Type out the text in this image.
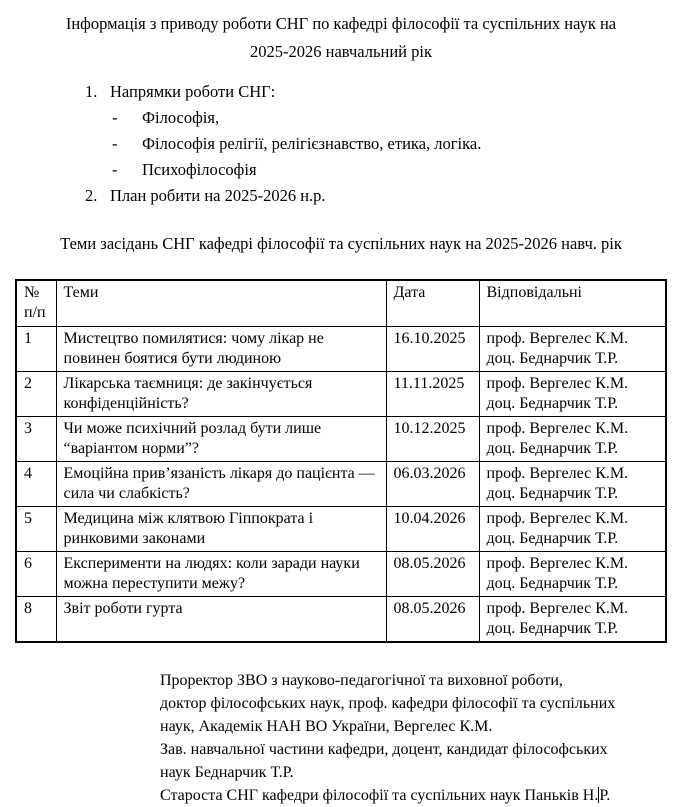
Інформація з приводу роботи СНГ по кафедрі філософії та суспільних наук на
2025-2026 навчальний рік
1. Напрямки роботи СНГ:
-	Філософія,
-	Філософія релігії, релігієзнавство, етика, логіка.
-	Психофілософія
2. План робити на 2025-2026 н.р.
Теми засідань СНГ кафедрі філософії та суспільних наук на 2025-2026 навч. рік
№ п/п	Теми	Дата	Відповідальні
1	Мистецтво помилятися: чому лікар не повинен боятися бути людиною	16.10.2025	проф. Вергелес К.М.
доц. Беднарчик Т.Р.

2	Лікарська таємниця: де закінчується конфіденційність?	11.11.2025	проф. Вергелес К.М.
доц. Беднарчик Т.Р.

3	Чи може психічний розлад бути лише “варіантом норми”?	10.12.2025	проф. Вергелес К.М.
доц. Беднарчик Т.Р.

4	Емоційна прив’язаність лікаря до пацієнта — сила чи слабкість?	06.03.2026	проф. Вергелес К.М.
доц. Беднарчик Т.Р.

5	Медицина між клятвою Гіппократа і ринковими законами	10.04.2026	проф. Вергелес К.М.
доц. Беднарчик Т.Р.

6	Експерименти на людях: коли заради науки можна переступити межу?	08.05.2026	проф. Вергелес К.М.
доц. Беднарчик Т.Р.

8	Звіт роботи гурта	08.05.2026	проф. Вергелес К.М.
доц. Беднарчик Т.Р.
Проректор ЗВО з науково-педагогічної та виховної роботи,
доктор філософських наук, проф. кафедри філософії та суспільних
наук, Академік НАН ВО України, Вергелес К.М.
Зав. навчальної частини кафедри, доцент, кандидат філософських
наук Беднарчик Т.Р.
Староста СНГ кафедри філософії та суспільних наук Паньків Н.Р.
